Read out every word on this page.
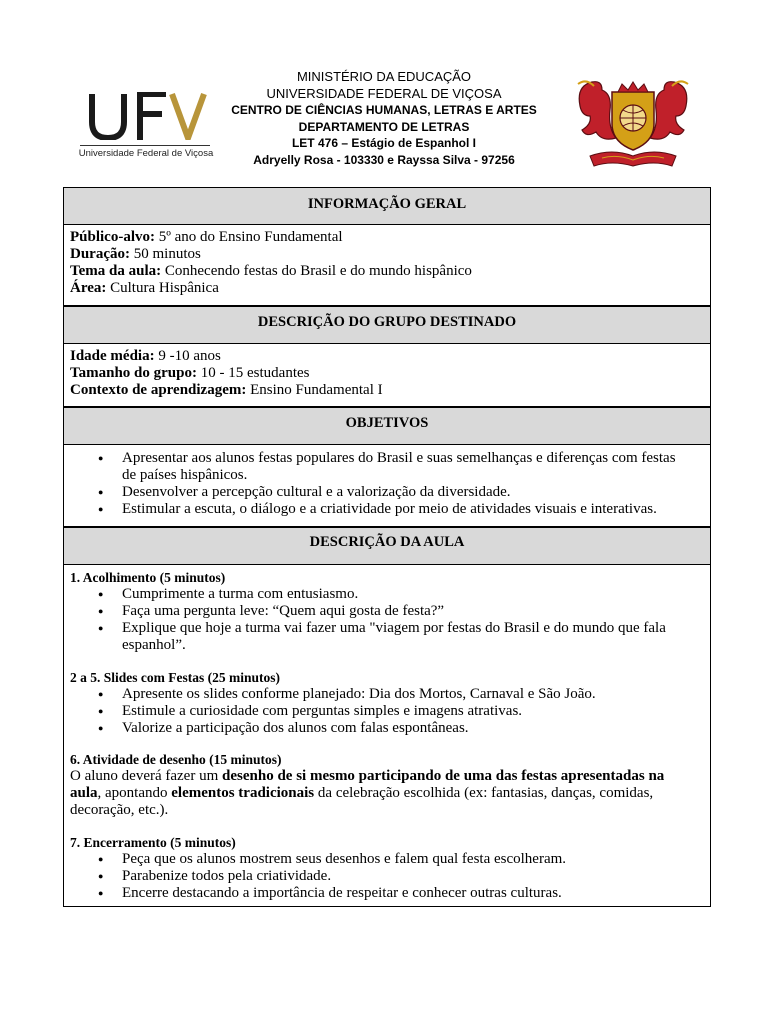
Universidade Federal de Viçosa
MINISTÉRIO DA EDUCAÇÃO
UNIVERSIDADE FEDERAL DE VIÇOSA
CENTRO DE CIÊNCIAS HUMANAS, LETRAS E ARTES
DEPARTAMENTO DE LETRAS
LET 476 – Estágio de Espanhol I
Adryelly Rosa - 103330 e Rayssa Silva - 97256
INFORMAÇÃO GERAL
Público-alvo: 5º ano do Ensino Fundamental
Duração: 50 minutos
Tema da aula: Conhecendo festas do Brasil e do mundo hispânico
Área: Cultura Hispânica
DESCRIÇÃO DO GRUPO DESTINADO
Idade média: 9 -10 anos
Tamanho do grupo: 10 - 15 estudantes
Contexto de aprendizagem: Ensino Fundamental I
OBJETIVOS
● Apresentar aos alunos festas populares do Brasil e suas semelhanças e diferenças com festas de países hispânicos.
● Desenvolver a percepção cultural e a valorização da diversidade.
● Estimular a escuta, o diálogo e a criatividade por meio de atividades visuais e interativas.
DESCRIÇÃO DA AULA
1. Acolhimento (5 minutos)
● Cumprimente a turma com entusiasmo.
● Faça uma pergunta leve: “Quem aqui gosta de festa?”
● Explique que hoje a turma vai fazer uma "viagem por festas do Brasil e do mundo que fala espanhol”.
2 a 5. Slides com Festas (25 minutos)
● Apresente os slides conforme planejado: Dia dos Mortos, Carnaval e São João.
● Estimule a curiosidade com perguntas simples e imagens atrativas.
● Valorize a participação dos alunos com falas espontâneas.
6. Atividade de desenho (15 minutos)
O aluno deverá fazer um desenho de si mesmo participando de uma das festas apresentadas na aula, apontando elementos tradicionais da celebração escolhida (ex: fantasias, danças, comidas, decoração, etc.).
7. Encerramento (5 minutos)
● Peça que os alunos mostrem seus desenhos e falem qual festa escolheram.
● Parabenize todos pela criatividade.
● Encerre destacando a importância de respeitar e conhecer outras culturas.
